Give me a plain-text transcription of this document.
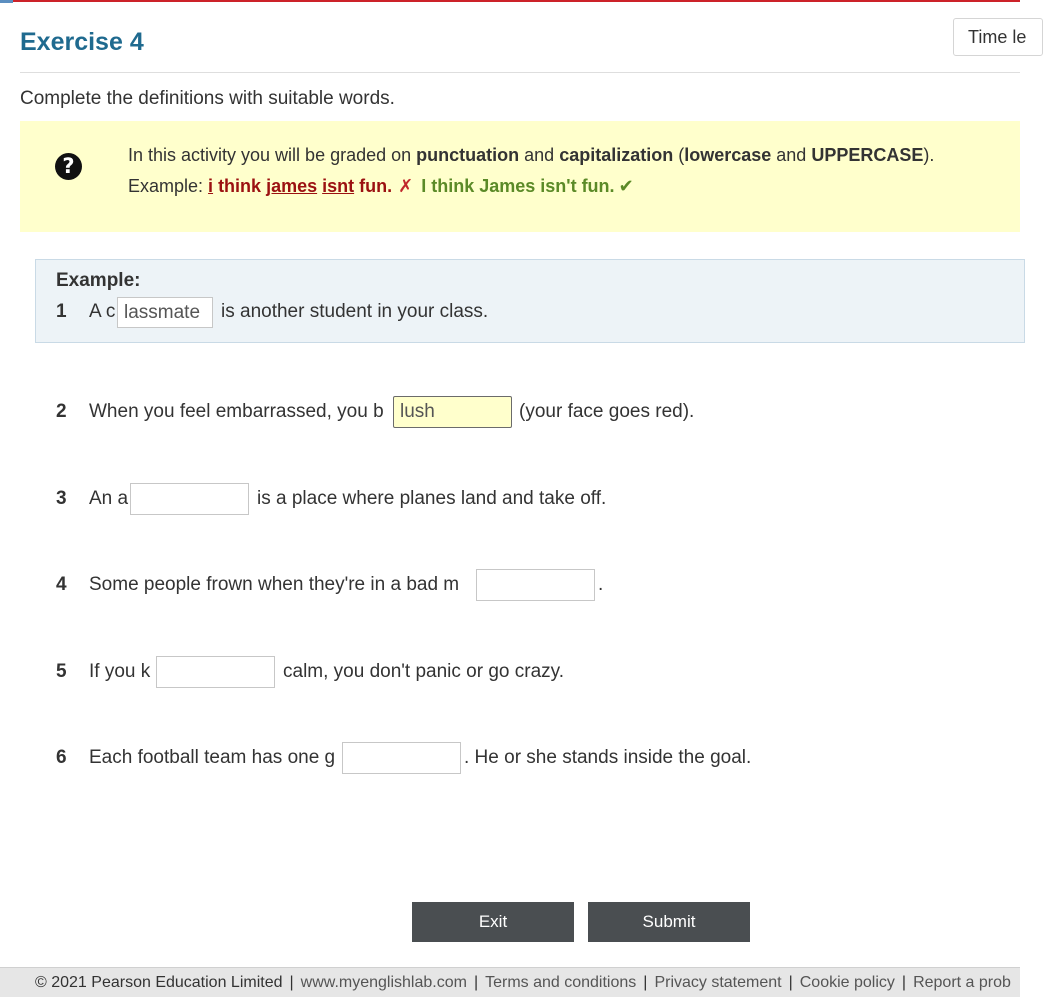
Exercise 4	Time le
Complete the definitions with suitable words.
?	In this activity you will be graded on punctuation and capitalization (lowercase and UPPERCASE).
Example: i think james isnt fun. ✗ I think James isn't fun. ✔
Example:
1 A c
lassmate	is another student in your class.
2 When you feel embarrassed, you b
lush	(your face goes red).
3 An a	is a place where planes land and take off.
4 Some people frown when they're in a bad m	.
5 If you k	calm, you don't panic or go crazy.
6 Each football team has one g	. He or she stands inside the goal.
Exit	Submit
© 2021 Pearson Education Limited | www.myenglishlab.com | Terms and conditions | Privacy statement | Cookie policy | Report a prob
